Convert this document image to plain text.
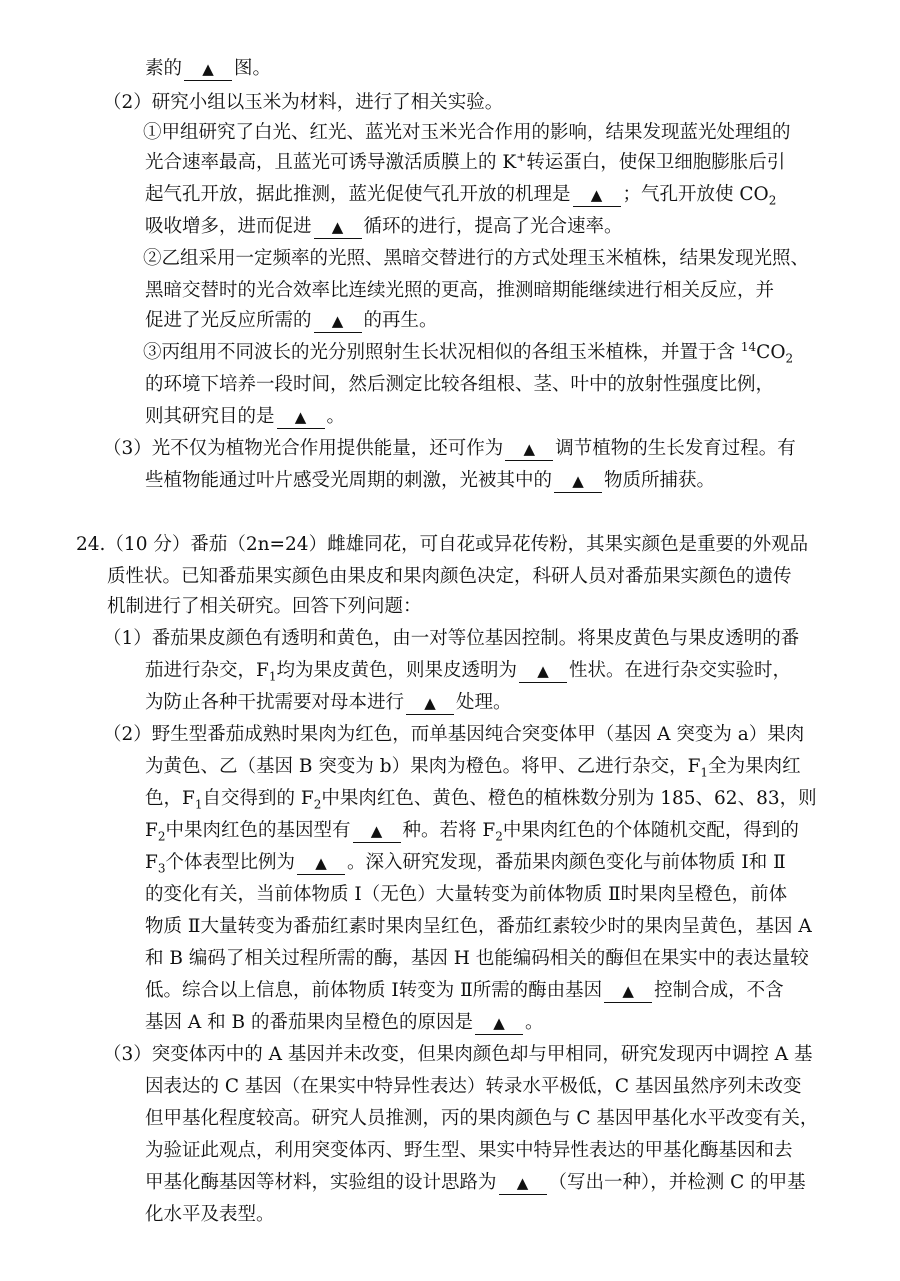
素的 ▲ 图。
（2）研究小组以玉米为材料，进行了相关实验。
①甲组研究了白光、红光、蓝光对玉米光合作用的影响，结果发现蓝光处理组的
光合速率最高，且蓝光可诱导激活质膜上的 K+转运蛋白，使保卫细胞膨胀后引
起气孔开放，据此推测，蓝光促使气孔开放的机理是 ▲ ；气孔开放使 $CO_2$
吸收增多，进而促进 ▲ 循环的进行，提高了光合速率。
②乙组采用一定频率的光照、黑暗交替进行的方式处理玉米植株，结果发现光照、
黑暗交替时的光合效率比连续光照的更高，推测暗期能继续进行相关反应，并
促进了光反应所需的 ▲ 的再生。
③丙组用不同波长的光分别照射生长状况相似的各组玉米植株，并置于含 $^{14}CO_2$
的环境下培养一段时间，然后测定比较各组根、茎、叶中的放射性强度比例，
则其研究目的是 ▲ 。
（3）光不仅为植物光合作用提供能量，还可作为 ▲ 调节植物的生长发育过程。有
些植物能通过叶片感受光周期的刺激，光被其中的 ▲ 物质所捕获。
24.（10 分）番茄（2n=24）雌雄同花，可自花或异花传粉，其果实颜色是重要的外观品
质性状。已知番茄果实颜色由果皮和果肉颜色决定，科研人员对番茄果实颜色的遗传
机制进行了相关研究。回答下列问题：
（1）番茄果皮颜色有透明和黄色，由一对等位基因控制。将果皮黄色与果皮透明的番
茄进行杂交，$F_1$均为果皮黄色，则果皮透明为 ▲ 性状。在进行杂交实验时，
为防止各种干扰需要对母本进行 ▲ 处理。
（2）野生型番茄成熟时果肉为红色，而单基因纯合突变体甲（基因 A 突变为 a）果肉
为黄色、乙（基因 B 突变为 b）果肉为橙色。将甲、乙进行杂交，$F_1$全为果肉红
色，$F_1$自交得到的 $F_2$中果肉红色、黄色、橙色的植株数分别为 185、62、83，则
$F_2$中果肉红色的基因型有 ▲ 种。若将 $F_2$中果肉红色的个体随机交配，得到的
$F_3$个体表型比例为 ▲ 。深入研究发现，番茄果肉颜色变化与前体物质 Ⅰ和 Ⅱ
的变化有关，当前体物质 Ⅰ（无色）大量转变为前体物质 Ⅱ时果肉呈橙色，前体
物质 Ⅱ大量转变为番茄红素时果肉呈红色，番茄红素较少时的果肉呈黄色，基因 A
和 B 编码了相关过程所需的酶，基因 H 也能编码相关的酶但在果实中的表达量较
低。综合以上信息，前体物质 Ⅰ转变为 Ⅱ所需的酶由基因 ▲ 控制合成，不含
基因 A 和 B 的番茄果肉呈橙色的原因是 ▲ 。
（3）突变体丙中的 A 基因并未改变，但果肉颜色却与甲相同，研究发现丙中调控 A 基
因表达的 C 基因（在果实中特异性表达）转录水平极低，C 基因虽然序列未改变
但甲基化程度较高。研究人员推测，丙的果肉颜色与 C 基因甲基化水平改变有关，
为验证此观点，利用突变体丙、野生型、果实中特异性表达的甲基化酶基因和去
甲基化酶基因等材料，实验组的设计思路为 ▲ （写出一种），并检测 C 的甲基
化水平及表型。
